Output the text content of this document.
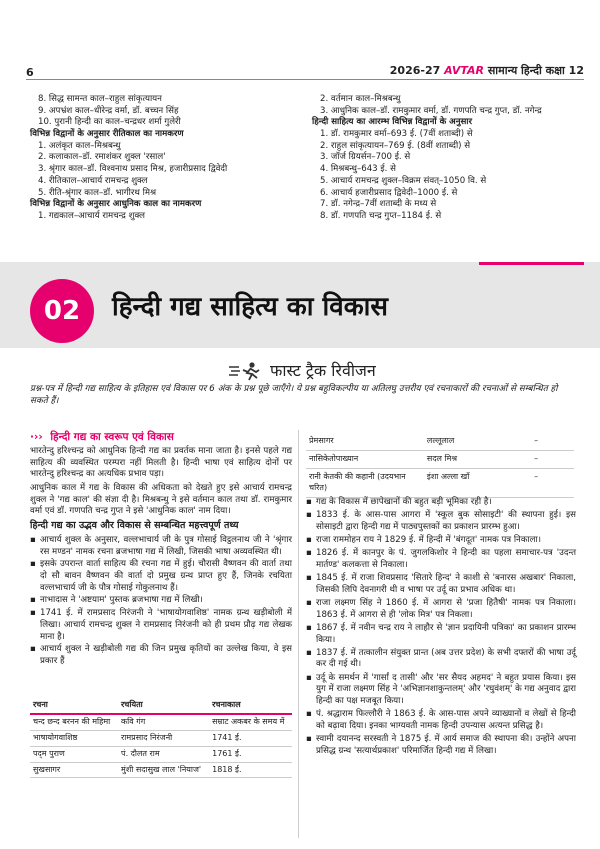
6	2026-27 AVTAR सामान्य हिन्दी कक्षा 12
8. सिद्ध सामन्त काल–राहुल सांकृत्यायन
9. अपभ्रंश काल–धीरेन्द्र वर्मा, डॉ. बच्चन सिंह
10. पुरानी हिन्दी का काल–चन्द्रधर शर्मा गुलेरी
विभिन्न विद्वानों के अनुसार रीतिकाल का नामकरण
1. अलंकृत काल–मिश्रबन्धु
2. कलाकाल–डॉ. रमाशंकर शुक्ल 'रसाल'
3. श्रृंगार काल–डॉ. विश्वनाथ प्रसाद मिश्र, हजारीप्रसाद द्विवेदी
4. रीतिकाल–आचार्य रामचन्द्र शुक्ल
5. रीति-श्रृंगार काल–डॉ. भागीरथ मिश्र
विभिन्न विद्वानों के अनुसार आधुनिक काल का नामकरण
1. गद्यकाल–आचार्य रामचन्द्र शुक्ल
2. वर्तमान काल–मिश्रबन्धु
3. आधुनिक काल–डॉ. रामकुमार वर्मा, डॉ. गणपति चन्द्र गुप्त, डॉ. नगेन्द्र
हिन्दी साहित्य का आरम्भ विभिन्न विद्वानों के अनुसार
1. डॉ. रामकुमार वर्मा–693 ई. (7वीं शताब्दी) से
2. राहुल सांकृत्यायन–769 ई. (8वीं शताब्दी) से
3. जॉर्ज ग्रियर्सन–700 ई. से
4. मिश्रबन्धु–643 ई. से
5. आचार्य रामचन्द्र शुक्ल–विक्रम संवत्–1050 वि. से
6. आचार्य हजारीप्रसाद द्विवेदी–1000 ई. से
7. डॉ. नगेन्द्र–7वीं शताब्दी के मध्य से
8. डॉ. गणपति चन्द्र गुप्त–1184 ई. से
02	हिन्दी गद्य साहित्य का विकास
फास्ट ट्रैक रिवीजन
प्रश्न-पत्र में हिन्दी गद्य साहित्य के इतिहास एवं विकास पर 6 अंक के प्रश्न पूछे जाएँगे। ये प्रश्न बहुविकल्पीय या अतिलघु उत्तरीय एवं रचनाकारों की रचनाओं से सम्बन्धित हो सकते हैं।
·›› हिन्दी गद्य का स्वरूप एवं विकास

भारतेन्दु हरिश्चन्द्र को आधुनिक हिन्दी गद्य का प्रवर्तक माना जाता है। इनसे पहले गद्य साहित्य की व्यवस्थित परम्परा नहीं मिलती है। हिन्दी भाषा एवं साहित्य दोनों पर भारतेन्दु हरिश्चन्द्र का अत्यधिक प्रभाव पड़ा।

आधुनिक काल में गद्य के विकास की अधिकता को देखते हुए इसे आचार्य रामचन्द्र शुक्ल ने 'गद्य काल' की संज्ञा दी है। मिश्रबन्धु ने इसे वर्तमान काल तथा डॉ. रामकुमार वर्मा एवं डॉ. गणपति चन्द्र गुप्त ने इसे 'आधुनिक काल' नाम दिया।

हिन्दी गद्य का उद्भव और विकास से सम्बन्धित महत्त्वपूर्ण तथ्य
▪ आचार्य शुक्ल के अनुसार, वल्लभाचार्य जी के पुत्र गोसाई विट्ठलनाथ जी ने 'श्रृंगार रस मण्डन' नामक रचना ब्रजभाषा गद्य में लिखी, जिसकी भाषा अव्यवस्थित थी।
▪ इसके उपरान्त वार्ता साहित्य की रचना गद्य में हुई। चौरासी वैष्णवन की वार्ता तथा दो सौ बावन वैष्णवन की वार्ता दो प्रमुख ग्रन्थ प्राप्त हुए हैं, जिनके रचयिता वल्लभाचार्य जी के पौत्र गोसाई गोकुलनाथ हैं।
▪ नाभादास ने 'अष्टयाम' पुस्तक ब्रजभाषा गद्य में लिखी।
▪ 1741 ई. में रामप्रसाद निरंजनी ने 'भाषायोगवाशिष्ठ' नामक ग्रन्थ खड़ीबोली में लिखा। आचार्य रामचन्द्र शुक्ल ने रामप्रसाद निरंजनी को ही प्रथम प्रौढ़ गद्य लेखक माना है।
▪ आचार्य शुक्ल ने खड़ीबोली गद्य की जिन प्रमुख कृतियों का उल्लेख किया, वे इस प्रकार हैं
रचना	रचयिता	रचनाकाल
चन्द छन्द बरनन की महिमा	कवि गंग	सम्राट अकबर के समय में
भाषायोगवाशिष्ठ	रामप्रसाद निरंजनी	1741 ई.
पद्‌म पुराण	पं. दौलत राम	1761 ई.
सुखसागर	मुंशी सदासुख लाल 'नियाज'	1818 ई.
प्रेमसागर	लल्लूलाल	–
नासिकेतोपाख्यान	सदल मिश्र	–
रानी केतकी की कहानी (उदयभान चरित)	इंशा अल्ला खाँ	–
▪ गद्य के विकास में छापेखानों की बहुत बड़ी भूमिका रही है।
▪ 1833 ई. के आस-पास आगरा में 'स्कूल बुक सोसाइटी' की स्थापना हुई। इस सोसाइटी द्वारा हिन्दी गद्य में पाठ्यपुस्तकों का प्रकाशन प्रारम्भ हुआ।
▪ राजा राममोहन राय ने 1829 ई. में हिन्दी में 'बंगदूत' नामक पत्र निकाला।
▪ 1826 ई. में कानपुर के पं. जुगलकिशोर ने हिन्दी का पहला समाचार-पत्र 'उदन्त मार्तण्ड' कलकत्ता से निकाला।
▪ 1845 ई. में राजा शिवप्रसाद 'सितारे हिन्द' ने काशी से 'बनारस अखबार' निकाला, जिसकी लिपि देवनागरी थी व भाषा पर उर्दू का प्रभाव अधिक था।
▪ राजा लक्ष्मण सिंह ने 1860 ई. में आगरा से 'प्रजा हितैषी' नामक पत्र निकाला। 1863 ई. में आगरा से ही 'लोक मित्र' पत्र निकला।
▪ 1867 ई. में नवीन चन्द्र राय ने लाहौर से 'ज्ञान प्रदायिनी पत्रिका' का प्रकाशन प्रारम्भ किया।
▪ 1837 ई. में तत्कालीन संयुक्त प्रान्त (अब उत्तर प्रदेश) के सभी दफ्तरों की भाषा उर्दू कर दी गई थी।
▪ उर्दू के समर्थन में 'गार्सां द तासी' और 'सर सैयद अहमद' ने बहुत प्रयास किया। इस युग में राजा लक्ष्मण सिंह ने 'अभिज्ञानशाकुन्तलम्' और 'रघुवंशम्' के गद्य अनुवाद द्वारा हिन्दी का पक्ष मजबूत किया।
▪ पं. श्रद्धाराम फिल्लौरी ने 1863 ई. के आस-पास अपने व्याख्यानों व लेखों से हिन्दी को बढ़ावा दिया। इनका भाग्यवती नामक हिन्दी उपन्यास अत्यन्त प्रसिद्ध है।
▪ स्वामी दयानन्द सरस्वती ने 1875 ई. में आर्य समाज की स्थापना की। उन्होंने अपना प्रसिद्ध ग्रन्थ 'सत्यार्थप्रकाश' परिमार्जित हिन्दी गद्य में लिखा।
